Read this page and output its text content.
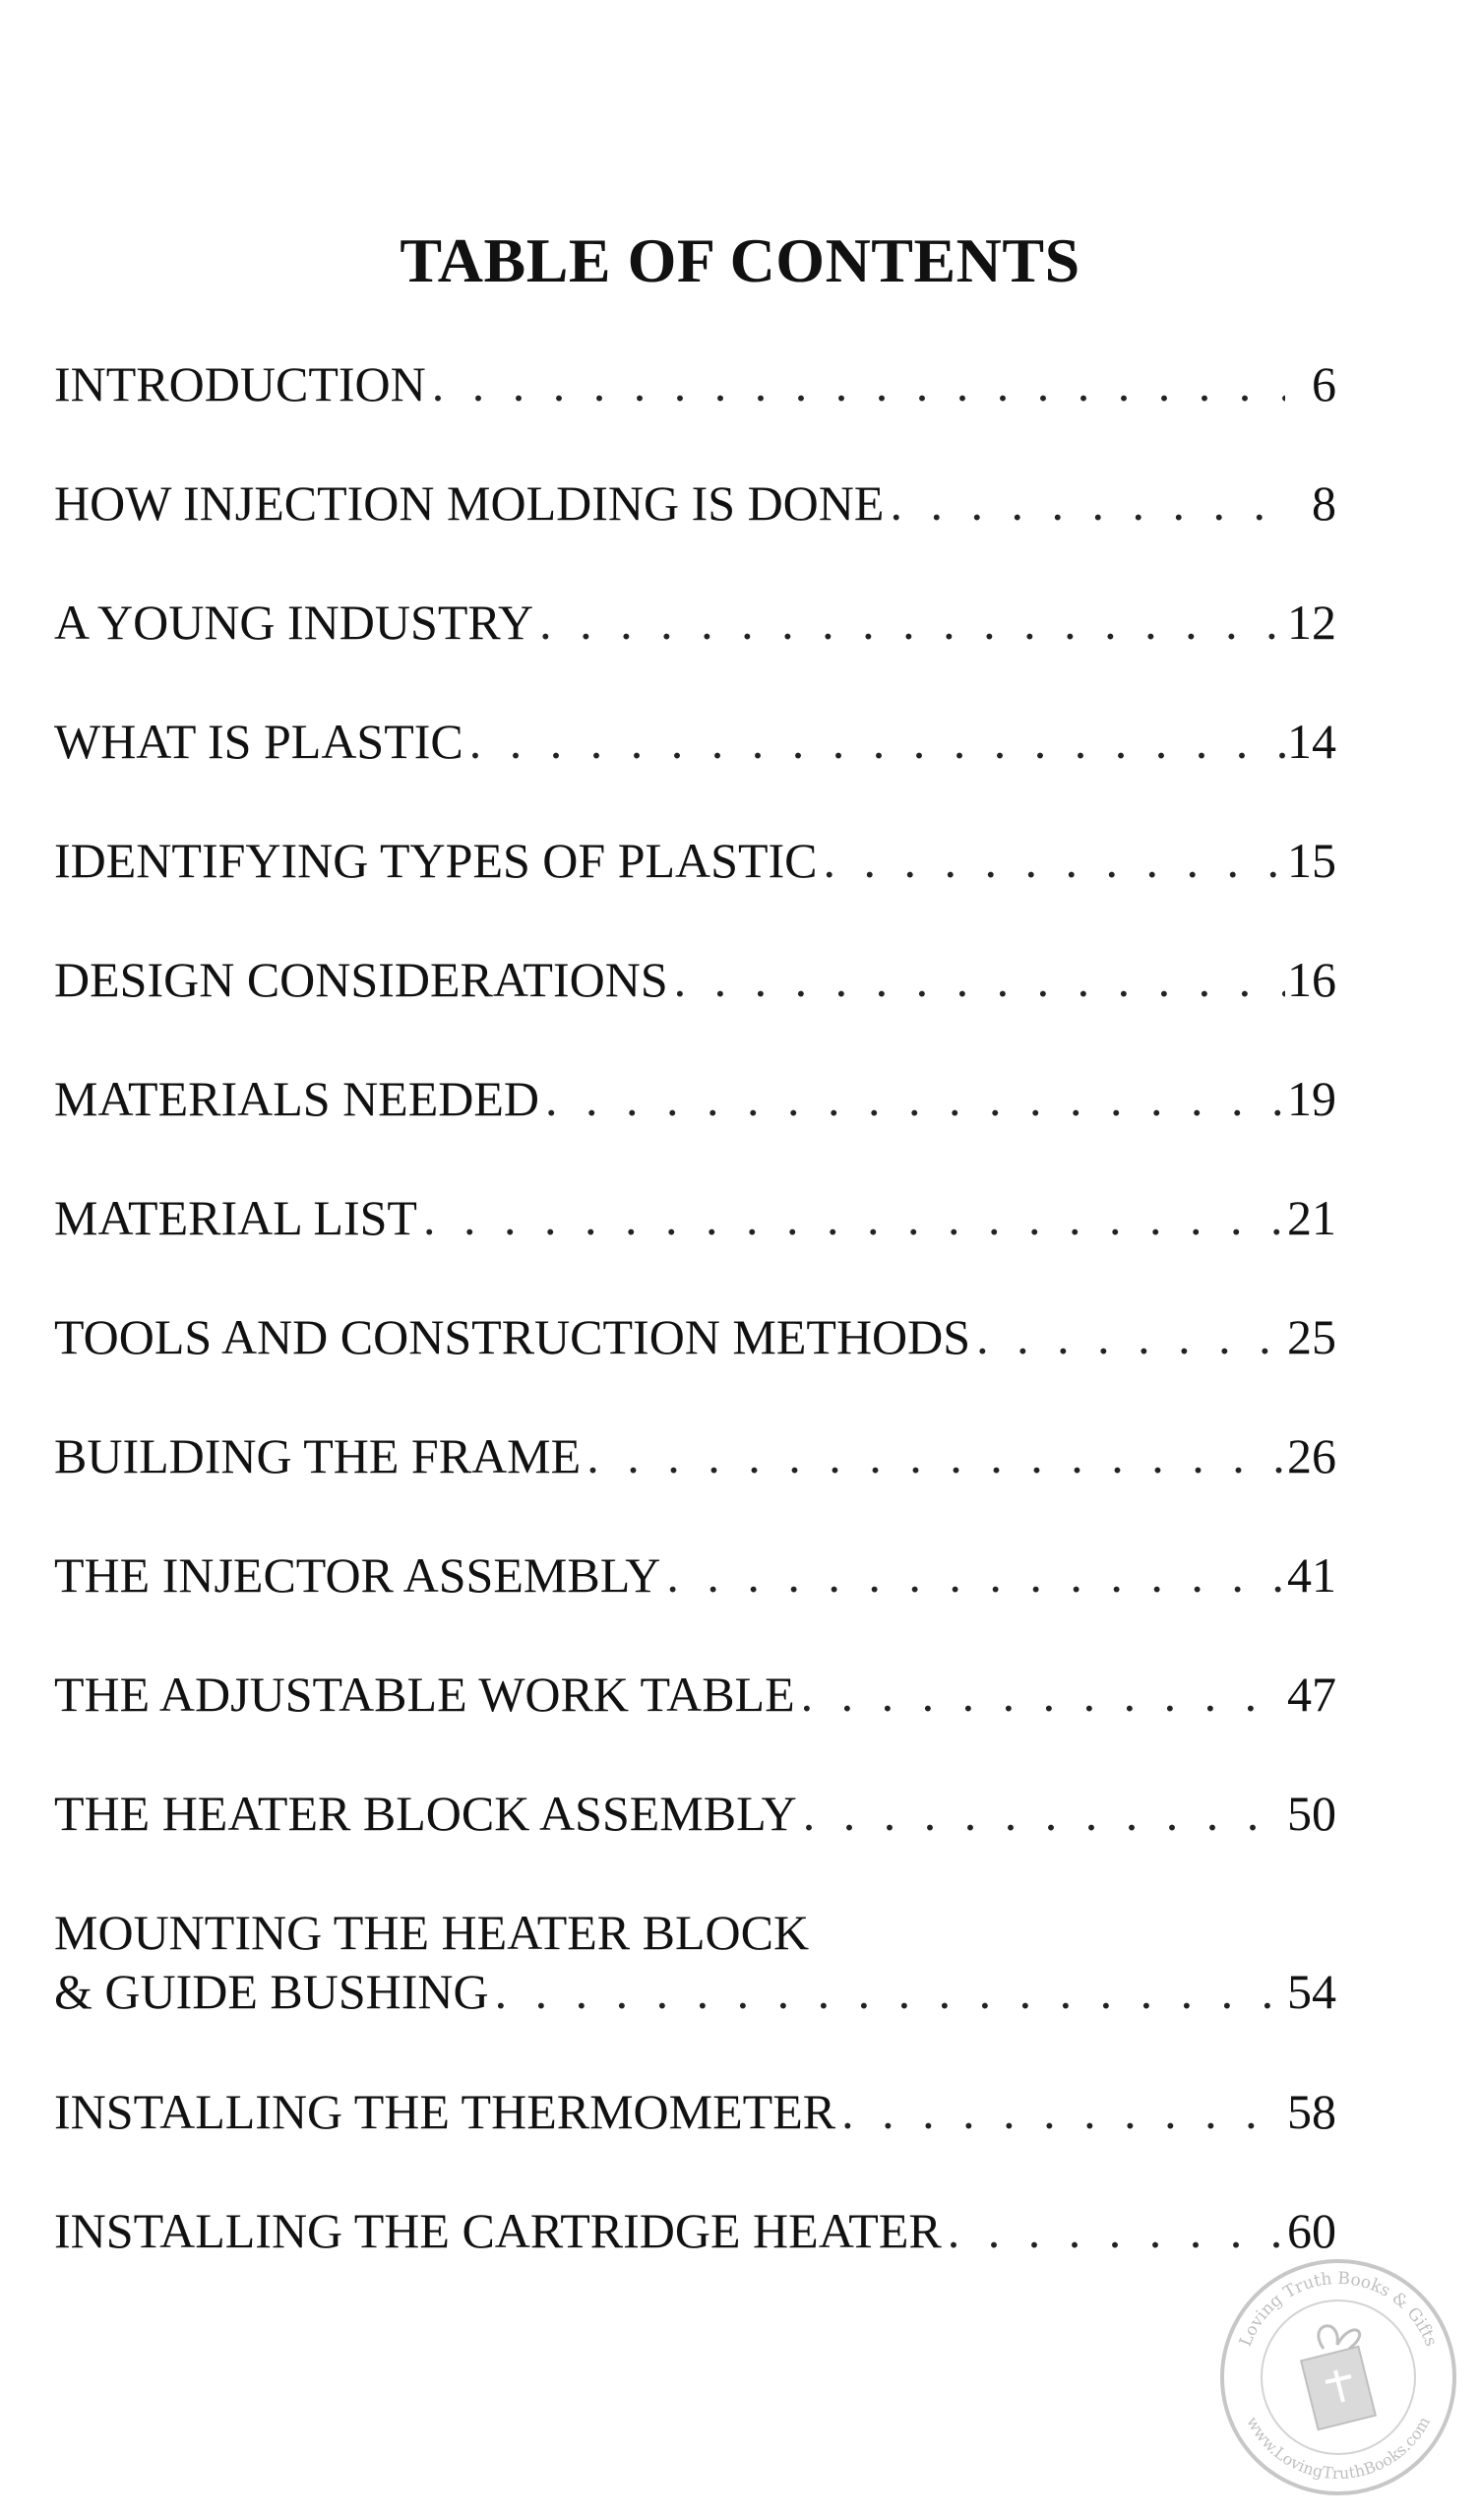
TABLE OF CONTENTS
INTRODUCTION . . .	6
HOW INJECTION MOLDING IS DONE . . .	8
A YOUNG INDUSTRY . . .	12
WHAT IS PLASTIC . . .	14
IDENTIFYING TYPES OF PLASTIC . . .	15
DESIGN CONSIDERATIONS . . .	16
MATERIALS NEEDED . . .	19
MATERIAL LIST . . .	21
TOOLS AND CONSTRUCTION METHODS . . .	25
BUILDING THE FRAME . . .	26
THE INJECTOR ASSEMBLY . . .	41
THE ADJUSTABLE WORK TABLE . . .	47
THE HEATER BLOCK ASSEMBLY . . .	50
MOUNTING THE HEATER BLOCK
& GUIDE BUSHING . . .	54
INSTALLING THE THERMOMETER . . .	58
INSTALLING THE CARTRIDGE HEATER . . .	60
Loving Truth Books & Gifts
www.LovingTruthBooks.com
